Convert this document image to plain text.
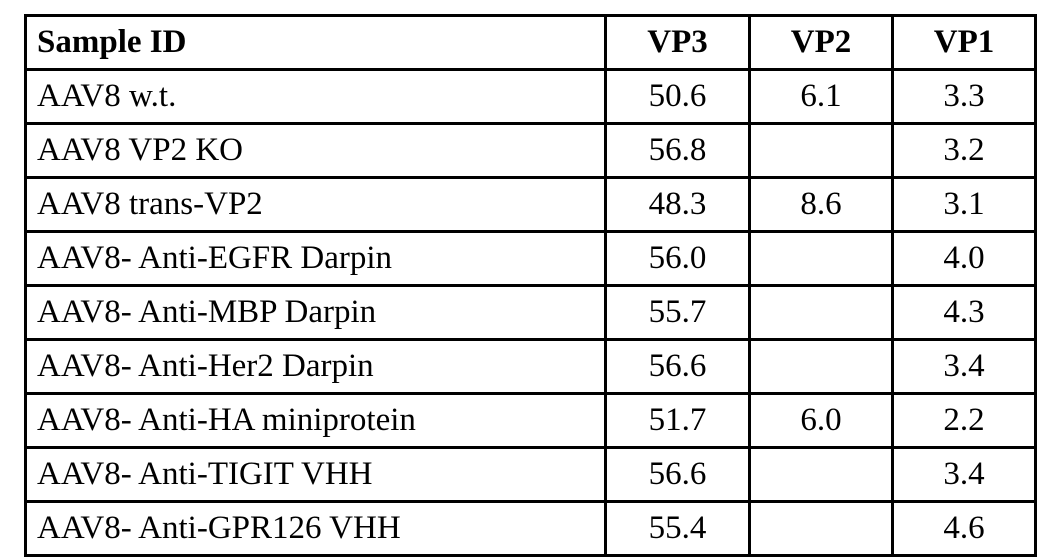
Sample ID	VP3	VP2	VP1
AAV8 w.t.	50.6	6.1	3.3
AAV8 VP2 KO	56.8		3.2
AAV8 trans-VP2	48.3	8.6	3.1
AAV8- Anti-EGFR Darpin	56.0		4.0
AAV8- Anti-MBP Darpin	55.7		4.3
AAV8- Anti-Her2 Darpin	56.6		3.4
AAV8- Anti-HA miniprotein	51.7	6.0	2.2
AAV8- Anti-TIGIT VHH	56.6		3.4
AAV8- Anti-GPR126 VHH	55.4		4.6
